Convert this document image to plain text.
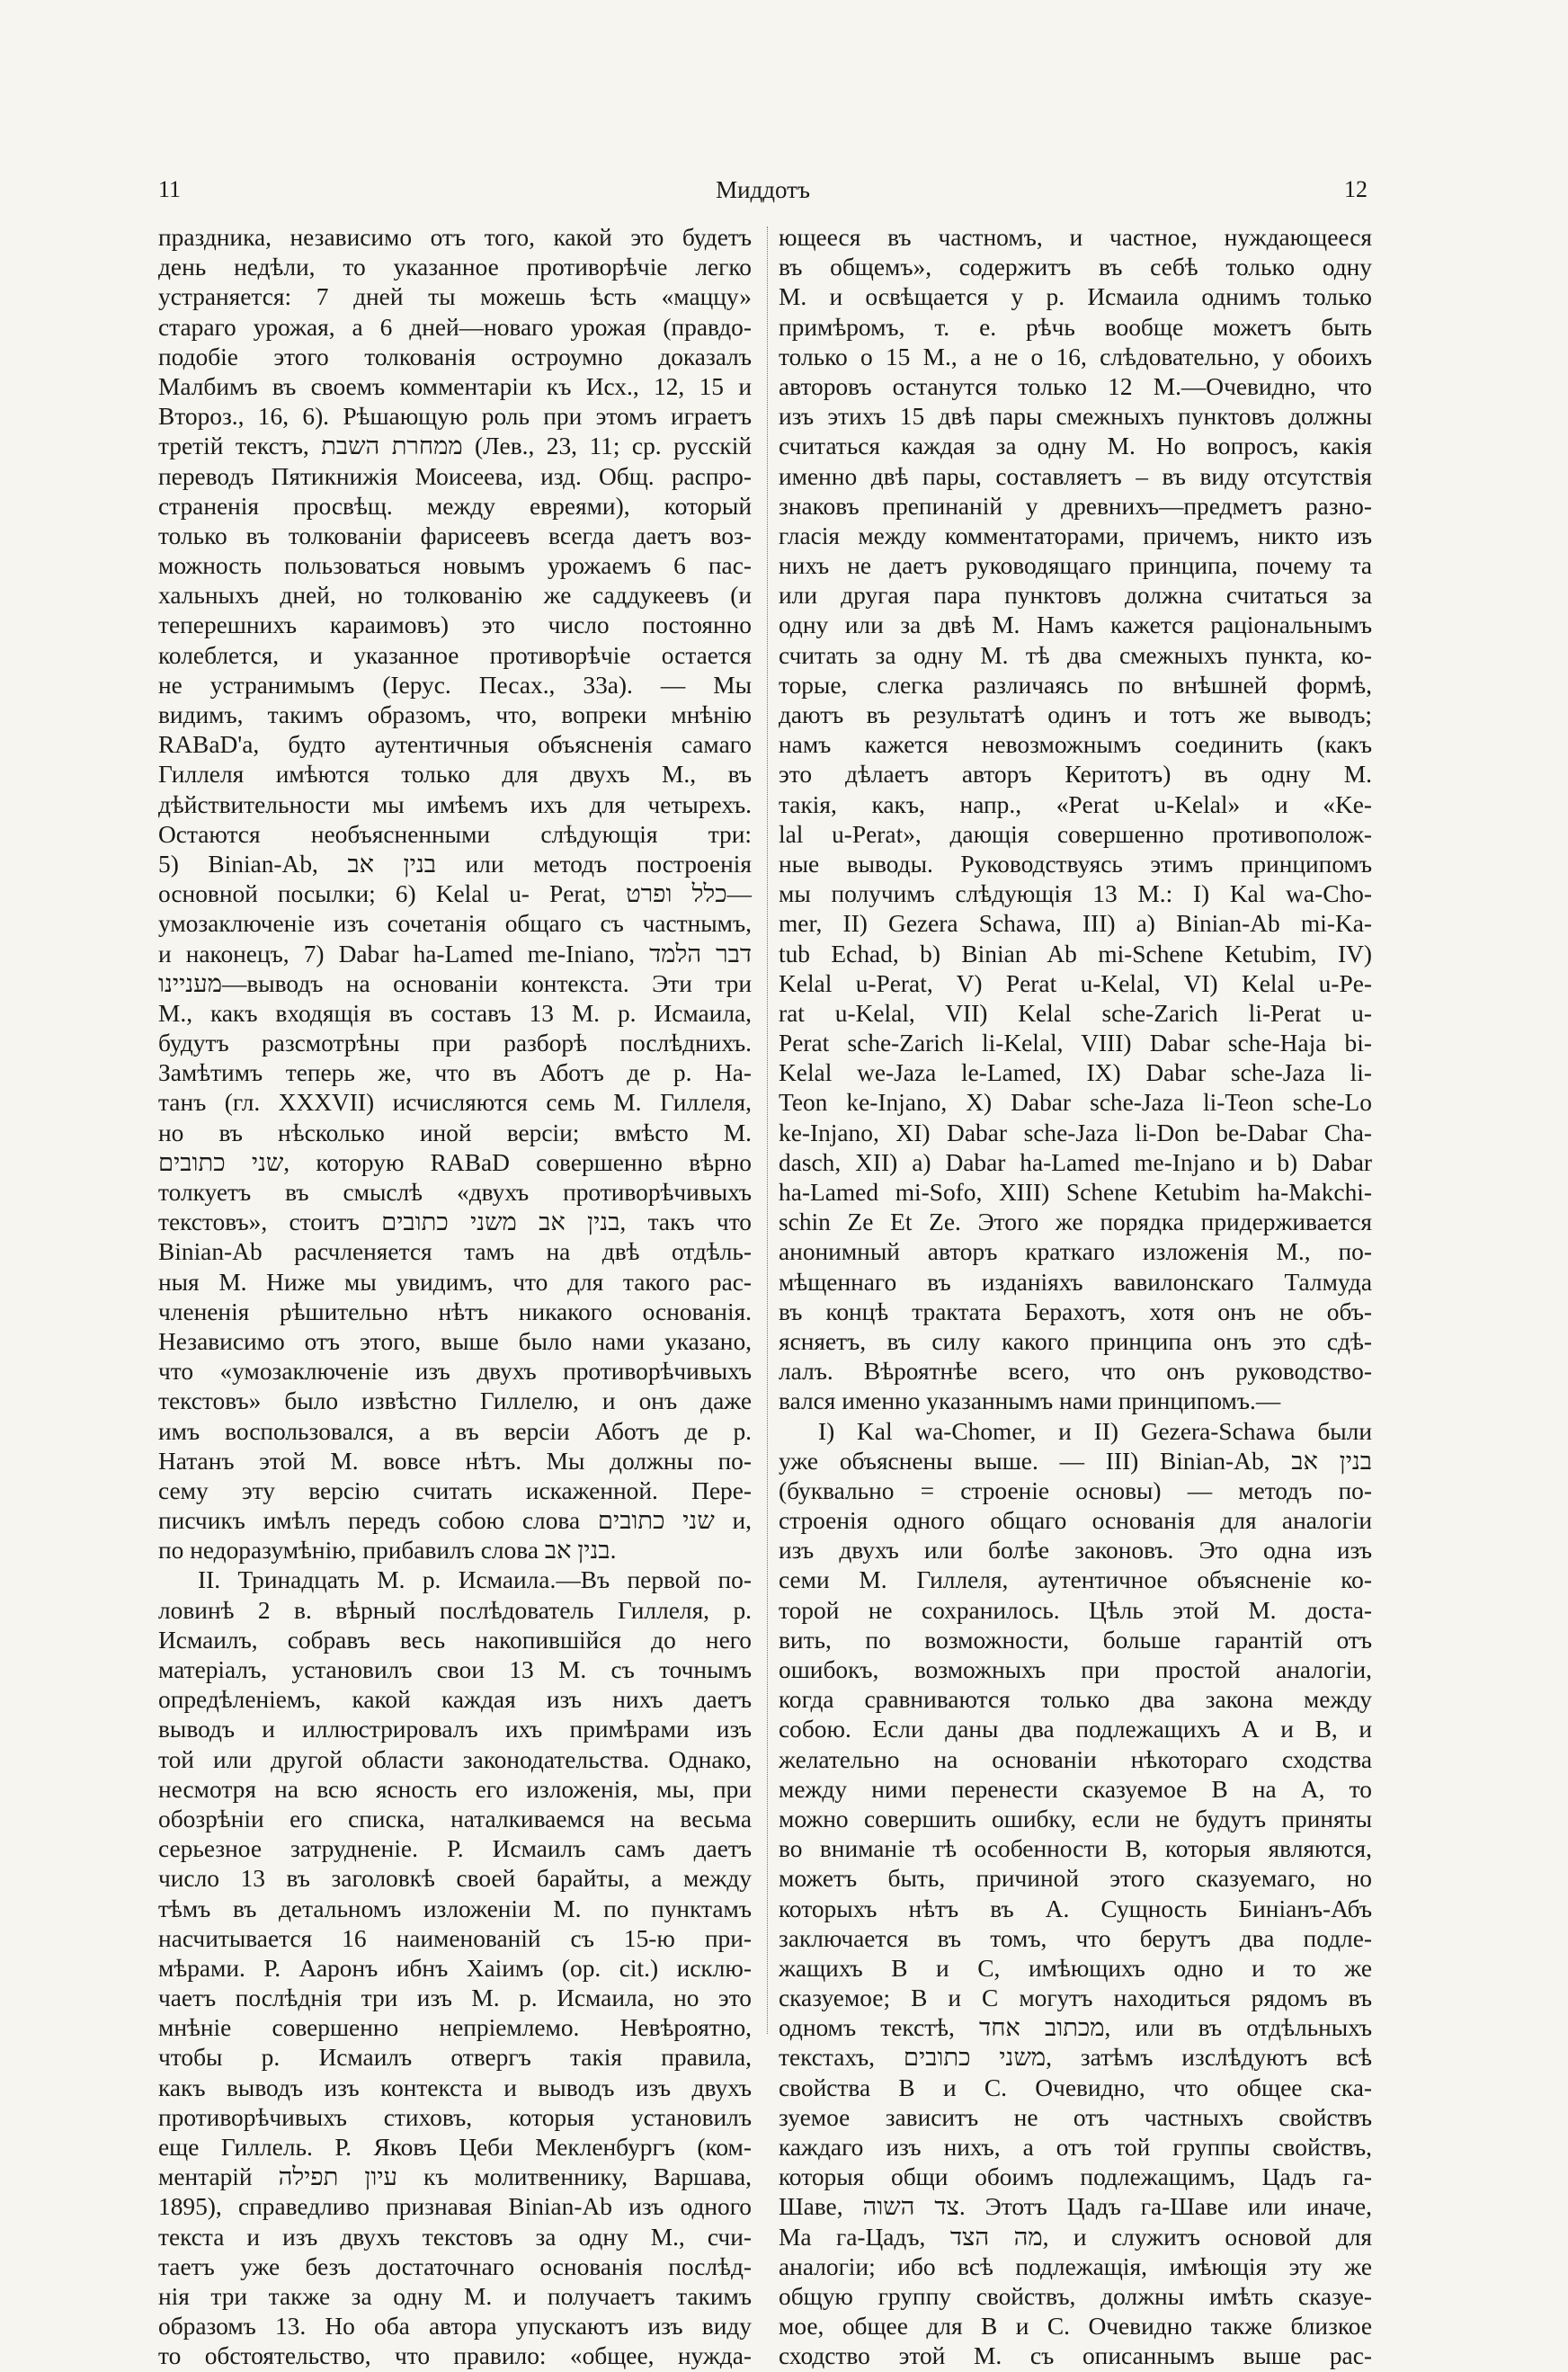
11	Миддотъ	12
праздника, независимо отъ того, какой это будетъ
день недѣли, то указанное противорѣчіе легко
устраняется: 7 дней ты можешь ѣсть «маццу»
стараго урожая, а 6 дней—новаго урожая (правдо-
подобіе этого толкованія остроумно доказалъ
Малбимъ въ своемъ комментаріи къ Исх., 12, 15 и
Второз., 16, 6). Рѣшающую роль при этомъ играетъ
третій текстъ, ממחרת השבת (Лев., 23, 11; ср. русскій
переводъ Пятикнижія Моисеева, изд. Общ. распро-
страненія просвѣщ. между евреями), который
только въ толкованіи фарисеевъ всегда даетъ воз-
можность пользоваться новымъ урожаемъ 6 пас-
хальныхъ дней, но толкованію же саддукеевъ (и
теперешнихъ караимовъ) это число постоянно
колеблется, и указанное противорѣчіе остается
не устранимымъ (Іерус. Песах., 33а). — Мы
видимъ, такимъ образомъ, что, вопреки мнѣнію
RABaD'а, будто аутентичныя объясненія самаго
Гиллеля имѣются только для двухъ М., въ
дѣйствительности мы имѣемъ ихъ для четырехъ.
Остаются необъясненными слѣдующія три:
5) Binian-Ab, בנין אב или методъ построенія
основной посылки; 6) Kelal u- Perat, כלל ופרט—
умозаключеніе изъ сочетанія общаго съ частнымъ,
и наконецъ, 7) Dabar ha-Lamed me-Iniano, דבר הלמד
מעניינו—выводъ на основаніи контекста. Эти три
М., какъ входящія въ составъ 13 М. р. Исмаила,
будутъ разсмотрѣны при разборѣ послѣднихъ.
Замѣтимъ теперь же, что въ Аботъ де р. На-
танъ (гл. XXXVII) исчисляются семь М. Гиллеля,
но въ нѣсколько иной версіи; вмѣсто М.
שני כתובים, которую RABaD совершенно вѣрно
толкуетъ въ смыслѣ «двухъ противорѣчивыхъ
текстовъ», стоитъ בנין אב משני כתובים, такъ что
Binian-Ab расчленяется тамъ на двѣ отдѣль-
ныя М. Ниже мы увидимъ, что для такого рас-
члененія рѣшительно нѣтъ никакого основанія.
Независимо отъ этого, выше было нами указано,
что «умозаключеніе изъ двухъ противорѣчивыхъ
текстовъ» было извѣстно Гиллелю, и онъ даже
имъ воспользовался, а въ версіи Аботъ де р.
Натанъ этой М. вовсе нѣтъ. Мы должны по-
сему эту версію считать искаженной. Пере-
писчикъ имѣлъ передъ собою слова שני כתובים и,
по недоразумѣнію, прибавилъ слова בנין אב.
II. Тринадцать М. р. Исмаила.—Въ первой по-
ловинѣ 2 в. вѣрный послѣдователь Гиллеля, р.
Исмаилъ, собравъ весь накопившійся до него
матеріалъ, установилъ свои 13 М. съ точнымъ
опредѣленіемъ, какой каждая изъ нихъ даетъ
выводъ и иллюстрировалъ ихъ примѣрами изъ
той или другой области законодательства. Однако,
несмотря на всю ясность его изложенія, мы, при
обозрѣніи его списка, наталкиваемся на весьма
серьезное затрудненіе. Р. Исмаилъ самъ даетъ
число 13 въ заголовкѣ своей барайты, а между
тѣмъ въ детальномъ изложеніи М. по пунктамъ
насчитывается 16 наименованій съ 15-ю при-
мѣрами. Р. Ааронъ ибнъ Хаіимъ (op. cit.) исклю-
чаетъ послѣднія три изъ М. р. Исмаила, но это
мнѣніе совершенно непріемлемо. Невѣроятно,
чтобы р. Исмаилъ отвергъ такія правила,
какъ выводъ изъ контекста и выводъ изъ двухъ
противорѣчивыхъ стиховъ, которыя установилъ
еще Гиллель. Р. Яковъ Цеби Мекленбургъ (ком-
ментарій עיון תפילה къ молитвеннику, Варшава,
1895), справедливо признавая Binian-Ab изъ одного
текста и изъ двухъ текстовъ за одну М., счи-
таетъ уже безъ достаточнаго основанія послѣд-
нія три также за одну М. и получаетъ такимъ
образомъ 13. Но оба автора упускаютъ изъ виду
то обстоятельство, что правило: «общее, нужда-
ющееся въ частномъ, и частное, нуждающееся
въ общемъ», содержитъ въ себѣ только одну
М. и освѣщается у р. Исмаила однимъ только
примѣромъ, т. е. рѣчь вообще можетъ быть
только о 15 М., а не о 16, слѣдовательно, у обоихъ
авторовъ останутся только 12 М.—Очевидно, что
изъ этихъ 15 двѣ пары смежныхъ пунктовъ должны
считаться каждая за одну М. Но вопросъ, какія
именно двѣ пары, составляетъ – въ виду отсутствія
знаковъ препинаній у древнихъ—предметъ разно-
гласія между комментаторами, причемъ, никто изъ
нихъ не даетъ руководящаго принципа, почему та
или другая пара пунктовъ должна считаться за
одну или за двѣ М. Намъ кажется раціональнымъ
считать за одну М. тѣ два смежныхъ пункта, ко-
торые, слегка различаясь по внѣшней формѣ,
даютъ въ результатѣ одинъ и тотъ же выводъ;
намъ кажется невозможнымъ соединить (какъ
это дѣлаетъ авторъ Керитотъ) въ одну М.
такія, какъ, напр., «Perat u-Kelal» и «Ke-
lal u-Perat», дающія совершенно противополож-
ные выводы. Руководствуясь этимъ принципомъ
мы получимъ слѣдующія 13 М.: I) Kal wa-Cho-
mer, II) Gezera Schawa, III) a) Binian-Ab mi-Ka-
tub Echad, b) Binian Ab mi-Schene Ketubim, IV)
Kelal u-Perat, V) Perat u-Kelal, VI) Kelal u-Pe-
rat u-Kelal, VII) Kelal sche-Zarich li-Perat u-
Perat sche-Zarich li-Kelal, VIII) Dabar sche-Haja bi-
Kelal we-Jaza le-Lamed, IX) Dabar sche-Jaza li-
Teon ke-Injano, X) Dabar sche-Jaza li-Teon sche-Lo
ke-Injano, XI) Dabar sche-Jaza li-Don be-Dabar Cha-
dasch, XII) a) Dabar ha-Lamed me-Injano и b) Dabar
ha-Lamed mi-Sofo, XIII) Schene Ketubim ha-Makchi-
schin Ze Et Ze. Этого же порядка придерживается
анонимный авторъ краткаго изложенія М., по-
мѣщеннаго въ изданіяхъ вавилонскаго Талмуда
въ концѣ трактата Берахотъ, хотя онъ не объ-
ясняетъ, въ силу какого принципа онъ это сдѣ-
лалъ. Вѣроятнѣе всего, что онъ руководство-
вался именно указаннымъ нами принципомъ.—
I) Kal wa-Chomer, и II) Gezera-Schawa были
уже объяснены выше. — III) Binian-Ab, בנין אב
(буквально = строеніе основы) — методъ по-
строенія одного общаго основанія для аналогіи
изъ двухъ или болѣе законовъ. Это одна изъ
семи М. Гиллеля, аутентичное объясненіе ко-
торой не сохранилось. Цѣль этой М. доста-
вить, по возможности, больше гарантій отъ
ошибокъ, возможныхъ при простой аналогіи,
когда сравниваются только два закона между
собою. Если даны два подлежащихъ А и В, и
желательно на основаніи нѣкотораго сходства
между ними перенести сказуемое В на А, то
можно совершить ошибку, если не будутъ приняты
во вниманіе тѣ особенности В, которыя являются,
можетъ быть, причиной этого сказуемаго, но
которыхъ нѣтъ въ А. Сущность Биніанъ-Абъ
заключается въ томъ, что берутъ два подле-
жащихъ В и С, имѣющихъ одно и то же
сказуемое; В и С могутъ находиться рядомъ въ
одномъ текстѣ, מכתוב אחד, или въ отдѣльныхъ
текстахъ, משני כתובים, затѣмъ изслѣдуютъ всѣ
свойства В и С. Очевидно, что общее ска-
зуемое зависитъ не отъ частныхъ свойствъ
каждаго изъ нихъ, а отъ той группы свойствъ,
которыя общи обоимъ подлежащимъ, Цадъ га-
Шаве, צד השוה. Этотъ Цадъ га-Шаве или иначе,
Ма га-Цадъ, מה הצד, и служитъ основой для
аналогіи; ибо всѣ подлежащія, имѣющія эту же
общую группу свойствъ, должны имѣть сказуе-
мое, общее для В и С. Очевидно также близкое
сходство этой М. съ описаннымъ выше рас-
